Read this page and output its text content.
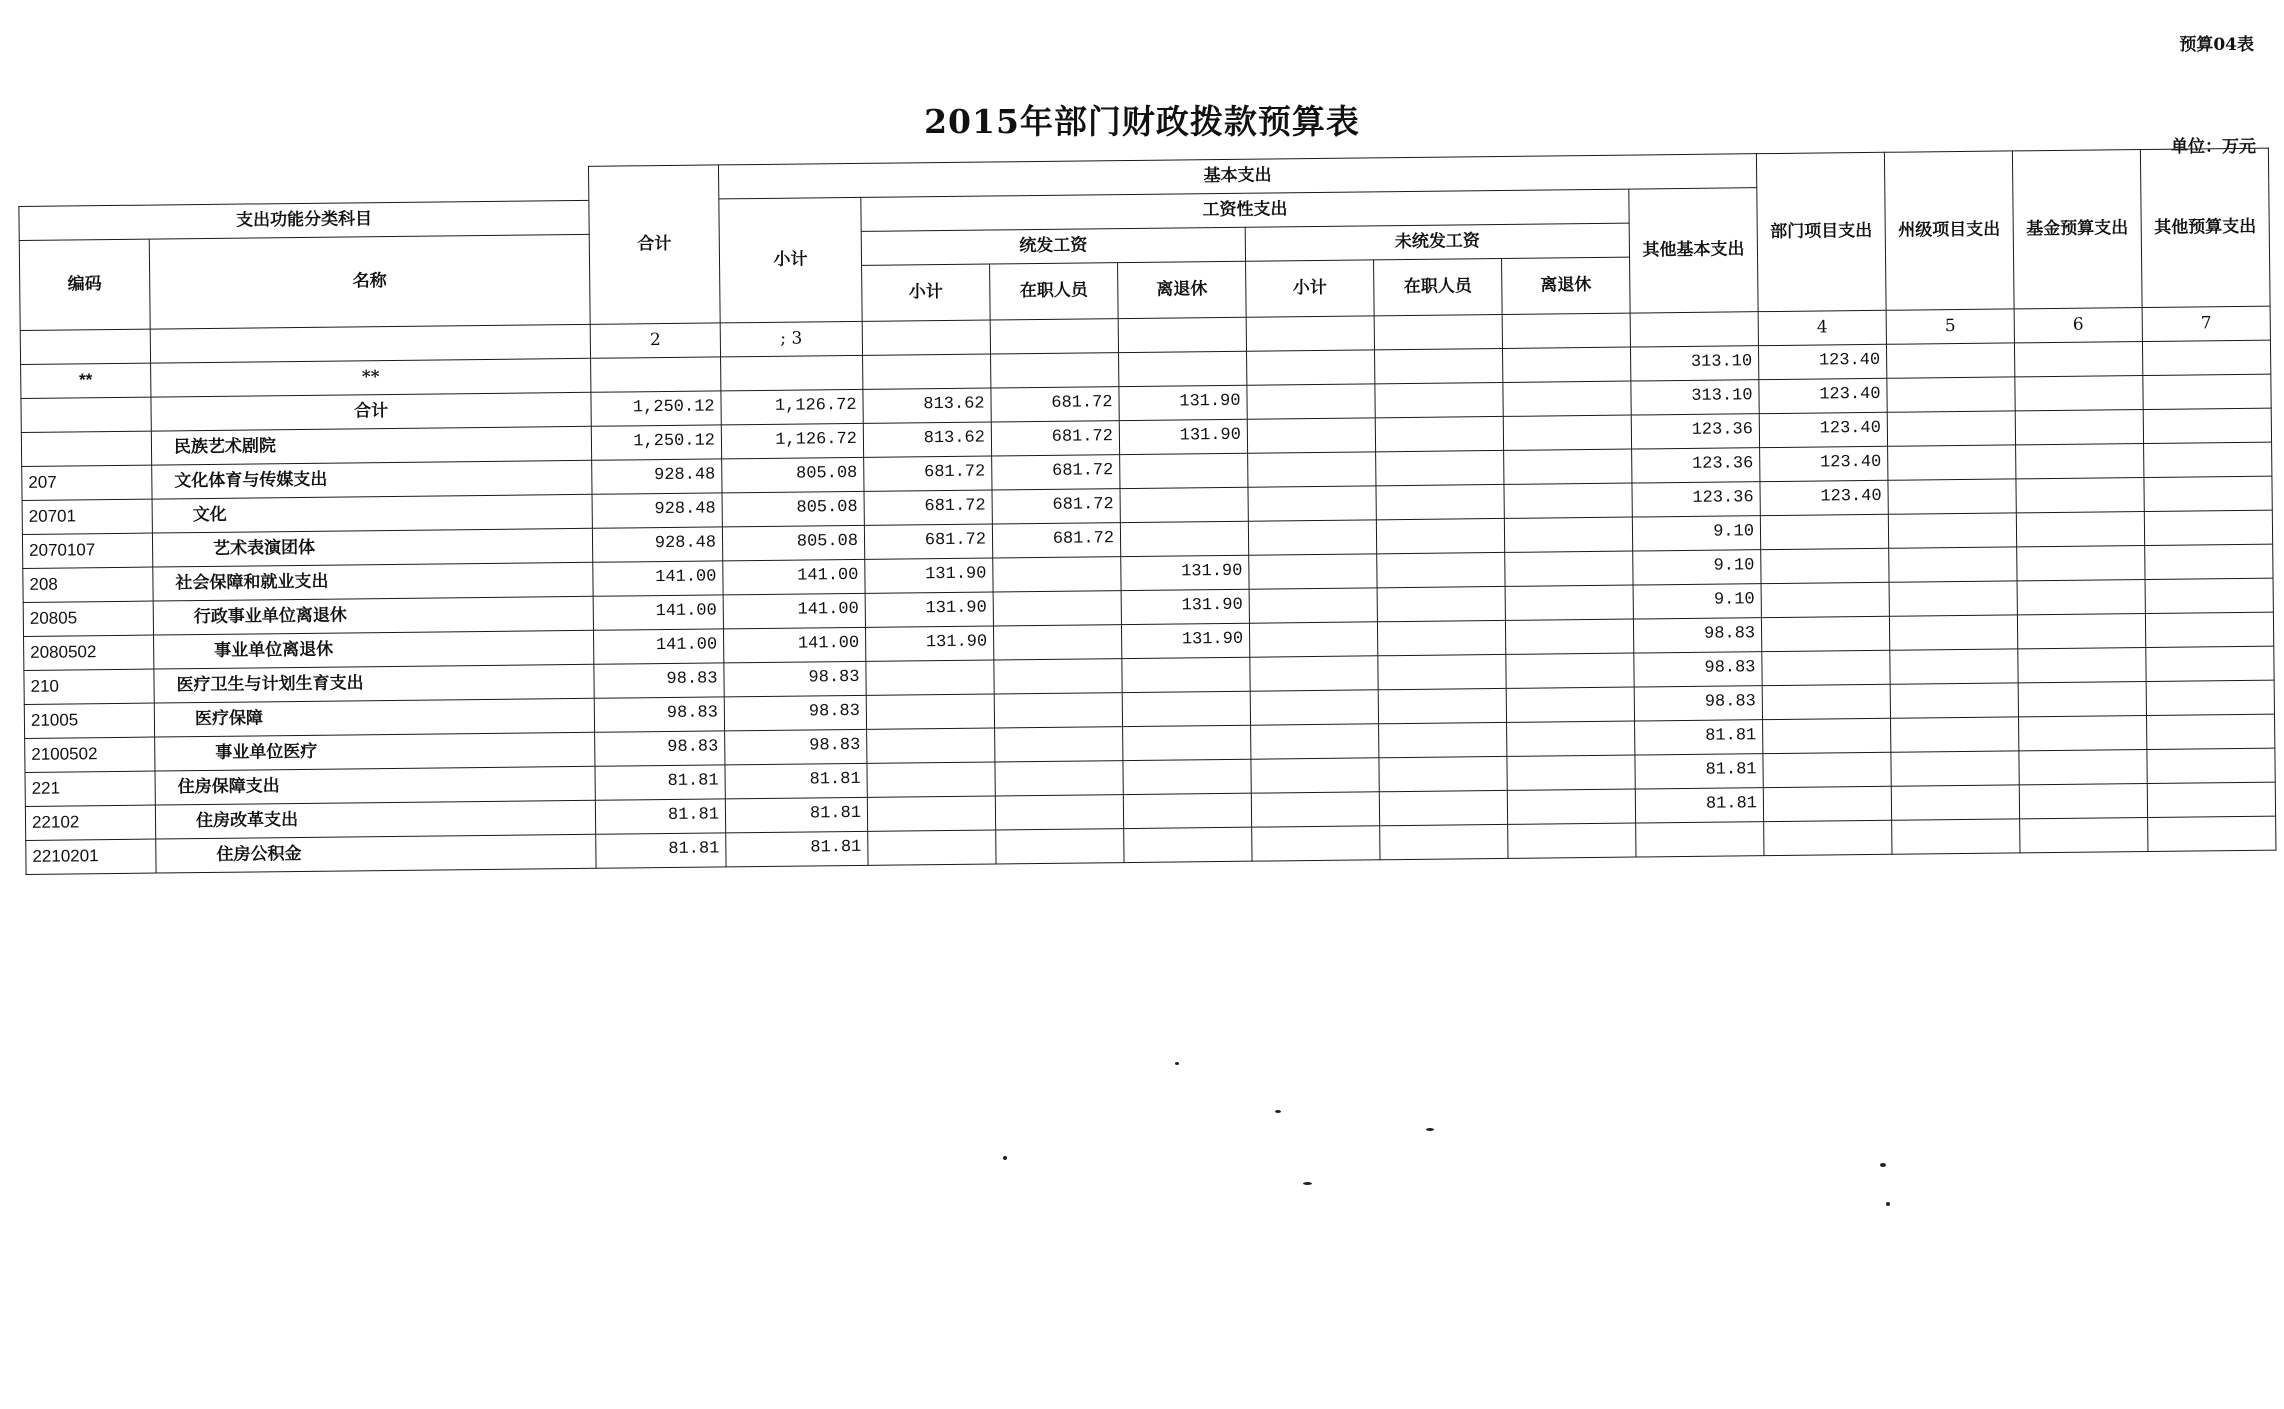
预算04表
2015年部门财政拨款预算表
单位：万元
		合计	基本支出								部门项目支出	州级项目支出	基金预算支出	其他预算支出
支出功能分类科目			小计	工资性支出						其他基本支出				
编码	名称			统发工资			未统发工资							
				小计	在职人员	离退休	小计	在职人员	离退休					
		2	; 3								4	5	6	7
**	**									313.10	123.40			
	合计	1,250.12	1,126.72	813.62	681.72	131.90				313.10	123.40			
	民族艺术剧院	1,250.12	1,126.72	813.62	681.72	131.90				123.36	123.40			
207	文化体育与传媒支出	928.48	805.08	681.72	681.72					123.36	123.40			
20701	文化	928.48	805.08	681.72	681.72					123.36	123.40			
2070107	艺术表演团体	928.48	805.08	681.72	681.72					9.10				
208	社会保障和就业支出	141.00	141.00	131.90		131.90				9.10				
20805	行政事业单位离退休	141.00	141.00	131.90		131.90				9.10				
2080502	事业单位离退休	141.00	141.00	131.90		131.90				98.83				
210	医疗卫生与计划生育支出	98.83	98.83							98.83				
21005	医疗保障	98.83	98.83							98.83				
2100502	事业单位医疗	98.83	98.83							81.81				
221	住房保障支出	81.81	81.81							81.81				
22102	住房改革支出	81.81	81.81							81.81				
2210201	住房公积金	81.81	81.81											
